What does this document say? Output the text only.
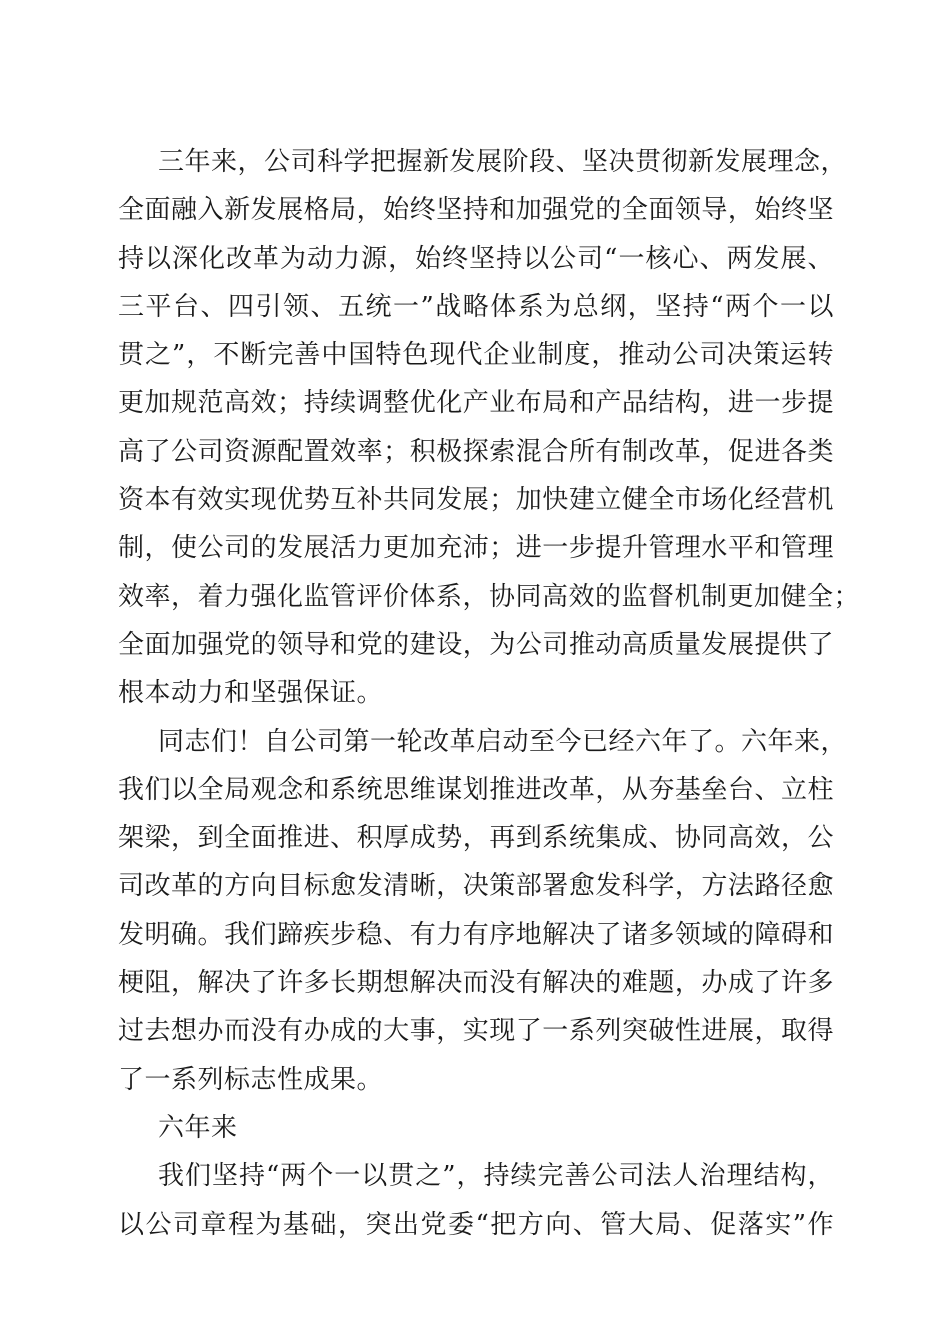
三年来，公司科学把握新发展阶段、坚决贯彻新发展理念，
全面融入新发展格局，始终坚持和加强党的全面领导，始终坚
持以深化改革为动力源，始终坚持以公司“一核心、两发展、
三平台、四引领、五统一”战略体系为总纲，坚持“两个一以
贯之”，不断完善中国特色现代企业制度，推动公司决策运转
更加规范高效；持续调整优化产业布局和产品结构，进一步提
高了公司资源配置效率；积极探索混合所有制改革，促进各类
资本有效实现优势互补共同发展；加快建立健全市场化经营机
制，使公司的发展活力更加充沛；进一步提升管理水平和管理
效率，着力强化监管评价体系，协同高效的监督机制更加健全；
全面加强党的领导和党的建设，为公司推动高质量发展提供了
根本动力和坚强保证。
同志们！自公司第一轮改革启动至今已经六年了。六年来，
我们以全局观念和系统思维谋划推进改革，从夯基垒台、立柱
架梁，到全面推进、积厚成势，再到系统集成、协同高效，公
司改革的方向目标愈发清晰，决策部署愈发科学，方法路径愈
发明确。我们蹄疾步稳、有力有序地解决了诸多领域的障碍和
梗阻，解决了许多长期想解决而没有解决的难题，办成了许多
过去想办而没有办成的大事，实现了一系列突破性进展，取得
了一系列标志性成果。
六年来
我们坚持“两个一以贯之”，持续完善公司法人治理结构，
以公司章程为基础，突出党委“把方向、管大局、促落实”作
